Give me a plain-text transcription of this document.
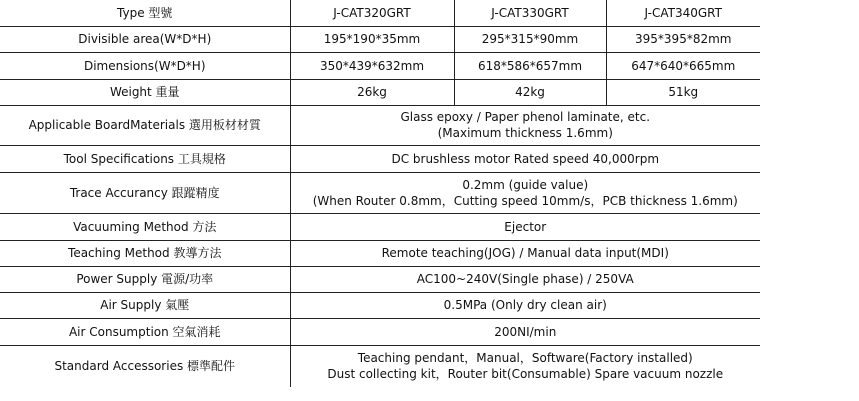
Type 型號	J-CAT320GRT	J-CAT330GRT	J-CAT340GRT
Divisible area(W*D*H)	195*190*35mm	295*315*90mm	395*395*82mm
Dimensions(W*D*H)	350*439*632mm	618*586*657mm	647*640*665mm
Weight 重量	26kg	42kg	51kg
Applicable BoardMaterials 選用板材材質	Glass epoxy / Paper phenol laminate, etc.
(Maximum thickness 1.6mm)		

Tool Specifications 工具規格	DC brushless motor Rated speed 40,000rpm		
Trace Accurancy 跟蹤精度	0.2mm (guide value)
(When Router 0.8mm，Cutting speed 10mm/s，PCB thickness 1.6mm)		

Vacuuming Method 方法	Ejector		
Teaching Method 教導方法	Remote teaching(JOG) / Manual data input(MDI)		
Power Supply 電源/功率	AC100~240V(Single phase) / 250VA		
Air Supply 氣壓	0.5MPa (Only dry clean air)		
Air Consumption 空氣消耗	200NI/min		
Standard Accessories 標準配件	Teaching pendant，Manual，Software(Factory installed)
Dust collecting kit，Router bit(Consumable) Spare vacuum nozzle		
